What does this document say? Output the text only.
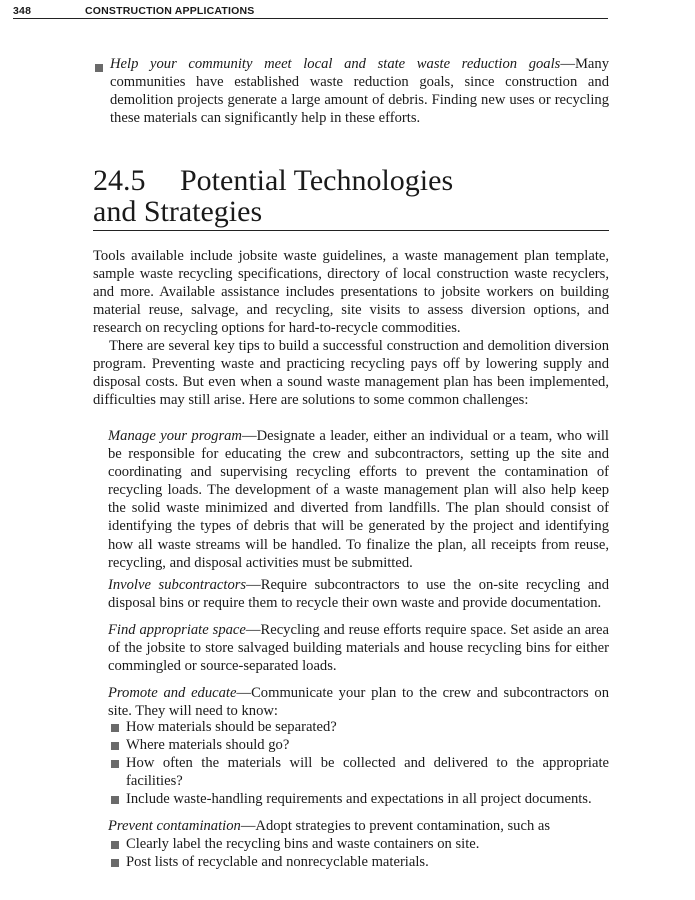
348	CONSTRUCTION APPLICATIONS

Help your community meet local and state waste reduction goals—Many communities have established waste reduction goals, since construction and demolition projects generate a large amount of debris. Finding new uses or recycling these materials can significantly help in these efforts.

24.5 Potential Technologies
and Strategies

Tools available include jobsite waste guidelines, a waste management plan template, sample waste recycling specifications, directory of local construction waste recyclers, and more. Available assistance includes presentations to jobsite workers on building material reuse, salvage, and recycling, site visits to assess diversion options, and research on recycling options for hard-to-recycle commodities.

There are several key tips to build a successful construction and demolition diversion program. Preventing waste and practicing recycling pays off by lowering supply and disposal costs. But even when a sound waste management plan has been implemented, difficulties may still arise. Here are solutions to some common challenges:

Manage your program—Designate a leader, either an individual or a team, who will be responsible for educating the crew and subcontractors, setting up the site and coordinating and supervising recycling efforts to prevent the contamination of recycling loads. The development of a waste management plan will also help keep the solid waste minimized and diverted from landfills. The plan should consist of identifying the types of debris that will be generated by the project and identifying how all waste streams will be handled. To finalize the plan, all receipts from reuse, recycling, and disposal activities must be submitted.

Involve subcontractors—Require subcontractors to use the on-site recycling and disposal bins or require them to recycle their own waste and provide documentation.

Find appropriate space—Recycling and reuse efforts require space. Set aside an area of the jobsite to store salvaged building materials and house recycling bins for either commingled or source-separated loads.

Promote and educate—Communicate your plan to the crew and subcontractors on site. They will need to know:

How materials should be separated?

Where materials should go?

How often the materials will be collected and delivered to the appropriate facilities?

Include waste-handling requirements and expectations in all project documents.

Prevent contamination—Adopt strategies to prevent contamination, such as

Clearly label the recycling bins and waste containers on site.

Post lists of recyclable and nonrecyclable materials.
